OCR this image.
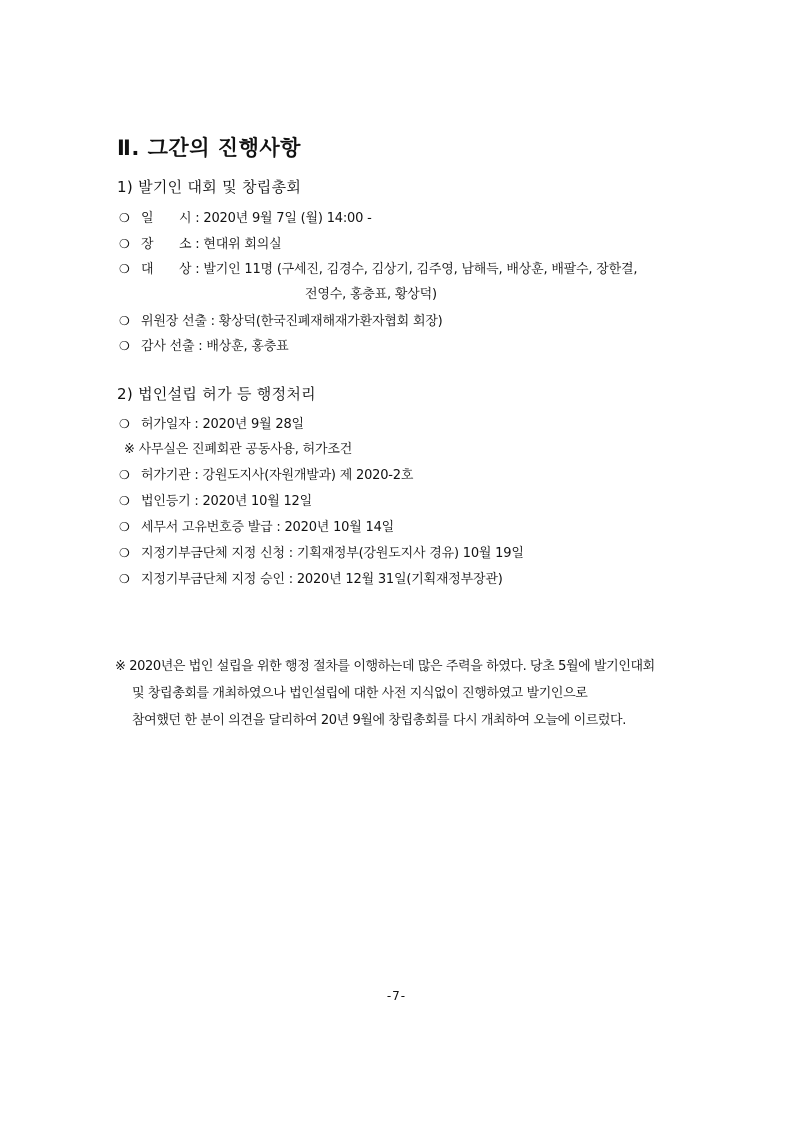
Ⅱ. 그간의 진행사항
1) 발기인 대회 및 창립총회
❍ 일　　시 : 2020년 9월 7일 (월) 14:00 -
❍ 장　　소 : 현대위 회의실
❍ 대　　상 : 발기인 11명 (구세진, 김경수, 김상기, 김주영, 남해득, 배상훈, 배팔수, 장한결,
전영수, 홍충표, 황상덕)
❍ 위원장 선출 : 황상덕(한국진폐재해재가환자협회 회장)
❍ 감사 선출 : 배상훈, 홍충표
2) 법인설립 허가 등 행정처리
❍ 허가일자 : 2020년 9월 28일
※ 사무실은 진폐회관 공동사용, 허가조건
❍ 허가기관 : 강원도지사(자원개발과) 제 2020-2호
❍ 법인등기 : 2020년 10월 12일
❍ 세무서 고유번호증 발급 : 2020년 10월 14일
❍ 지정기부금단체 지정 신청 : 기획재정부(강원도지사 경유) 10월 19일
❍ 지정기부금단체 지정 승인 : 2020년 12월 31일(기획재정부장관)
※ 2020년은 법인 설립을 위한 행정 절차를 이행하는데 많은 주력을 하였다. 당초 5월에 발기인대회
및 창립총회를 개최하였으나 법인설립에 대한 사전 지식없이 진행하였고 발기인으로
참여했던 한 분이 의견을 달리하여 20년 9월에 창립총회를 다시 개최하여 오늘에 이르렀다.
-7-
